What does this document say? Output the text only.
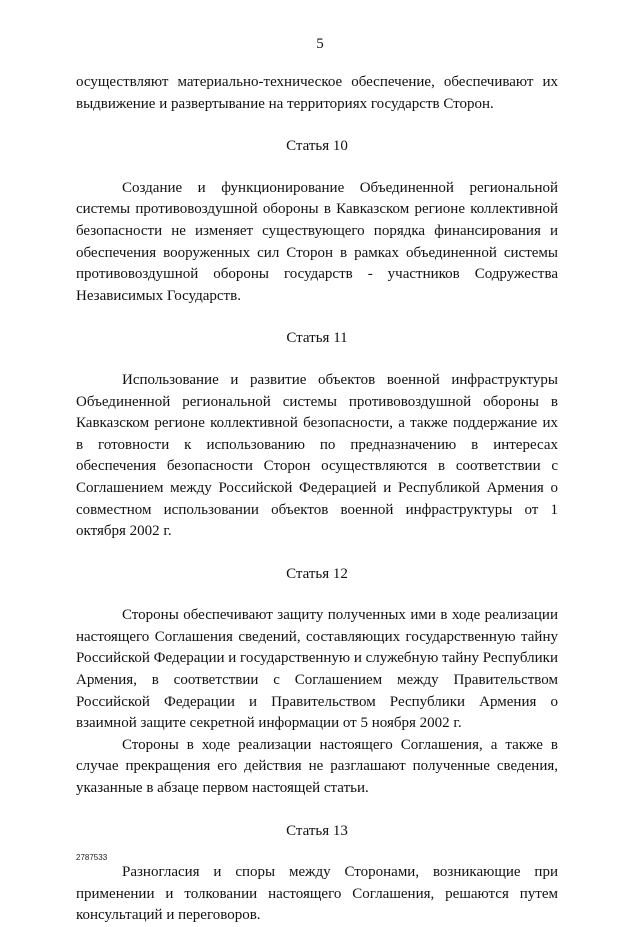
5

осуществляют материально-техническое обеспечение, обеспечивают их выдвижение и развертывание на территориях государств Сторон.

Статья 10

Создание и функционирование Объединенной региональной системы противовоздушной обороны в Кавказском регионе коллективной безопасности не изменяет существующего порядка финансирования и обеспечения вооруженных сил Сторон в рамках объединенной системы противовоздушной обороны государств - участников Содружества Независимых Государств.

Статья 11

Использование и развитие объектов военной инфраструктуры Объединенной региональной системы противовоздушной обороны в Кавказском регионе коллективной безопасности, а также поддержание их в готовности к использованию по предназначению в интересах обеспечения безопасности Сторон осуществляются в соответствии с Соглашением между Российской Федерацией и Республикой Армения о совместном использовании объектов военной инфраструктуры от 1 октября 2002 г.

Статья 12

Стороны обеспечивают защиту полученных ими в ходе реализации настоящего Соглашения сведений, составляющих государственную тайну Российской Федерации и государственную и служебную тайну Республики Армения, в соответствии с Соглашением между Правительством Российской Федерации и Правительством Республики Армения о взаимной защите секретной информации от 5 ноября 2002 г.

Стороны в ходе реализации настоящего Соглашения, а также в случае прекращения его действия не разглашают полученные сведения, указанные в абзаце первом настоящей статьи.

Статья 13

Разногласия и споры между Сторонами, возникающие при применении и толковании настоящего Соглашения, решаются путем консультаций и переговоров.

2787533
